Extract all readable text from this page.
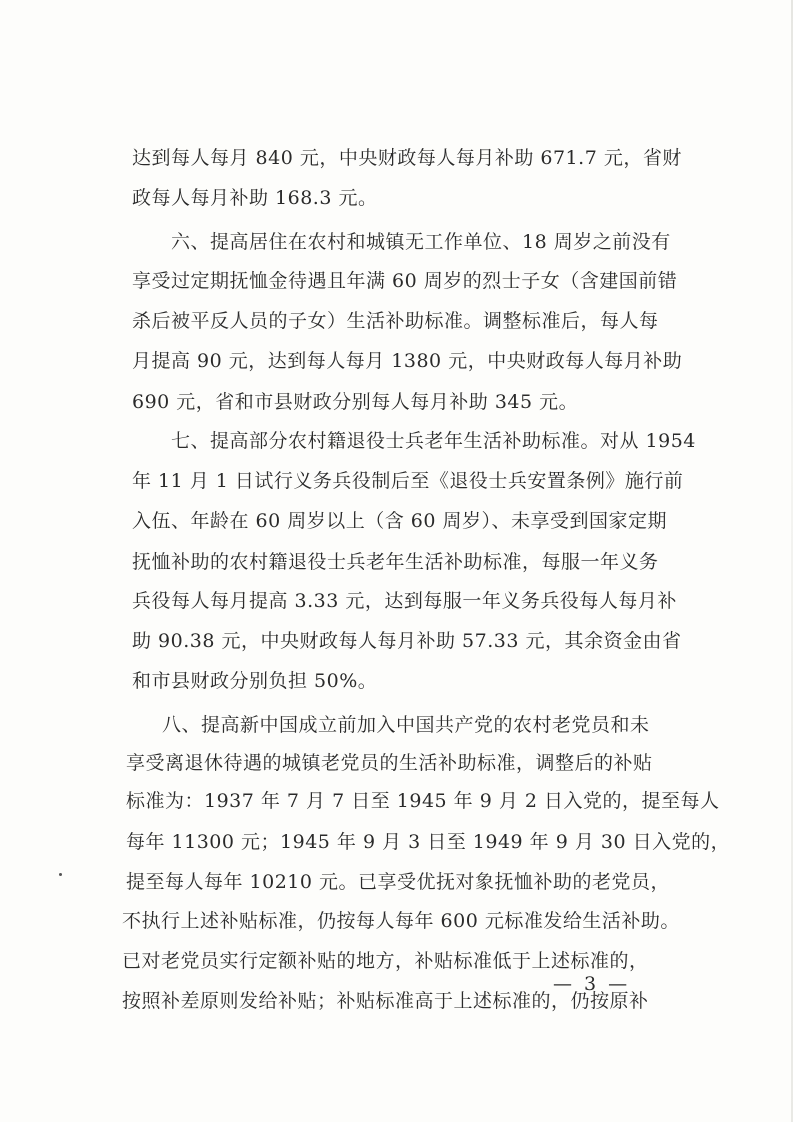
达到每人每月 840 元，中央财政每人每月补助 671.7 元，省财
政每人每月补助 168.3 元。
六、提高居住在农村和城镇无工作单位、18 周岁之前没有
享受过定期抚恤金待遇且年满 60 周岁的烈士子女（含建国前错
杀后被平反人员的子女）生活补助标准。调整标准后，每人每
月提高 90 元，达到每人每月 1380 元，中央财政每人每月补助
690 元，省和市县财政分别每人每月补助 345 元。
七、提高部分农村籍退役士兵老年生活补助标准。对从 1954
年 11 月 1 日试行义务兵役制后至《退役士兵安置条例》施行前
入伍、年龄在 60 周岁以上（含 60 周岁）、未享受到国家定期
抚恤补助的农村籍退役士兵老年生活补助标准，每服一年义务
兵役每人每月提高 3.33 元，达到每服一年义务兵役每人每月补
助 90.38 元，中央财政每人每月补助 57.33 元，其余资金由省
和市县财政分别负担 50%。
八、提高新中国成立前加入中国共产党的农村老党员和未
享受离退休待遇的城镇老党员的生活补助标准，调整后的补贴
标准为：1937 年 7 月 7 日至 1945 年 9 月 2 日入党的，提至每人
每年 11300 元；1945 年 9 月 3 日至 1949 年 9 月 30 日入党的，
提至每人每年 10210 元。已享受优抚对象抚恤补助的老党员，
不执行上述补贴标准，仍按每人每年 600 元标准发给生活补助。
已对老党员实行定额补贴的地方，补贴标准低于上述标准的，
按照补差原则发给补贴；补贴标准高于上述标准的，仍按原补
— 3 —
